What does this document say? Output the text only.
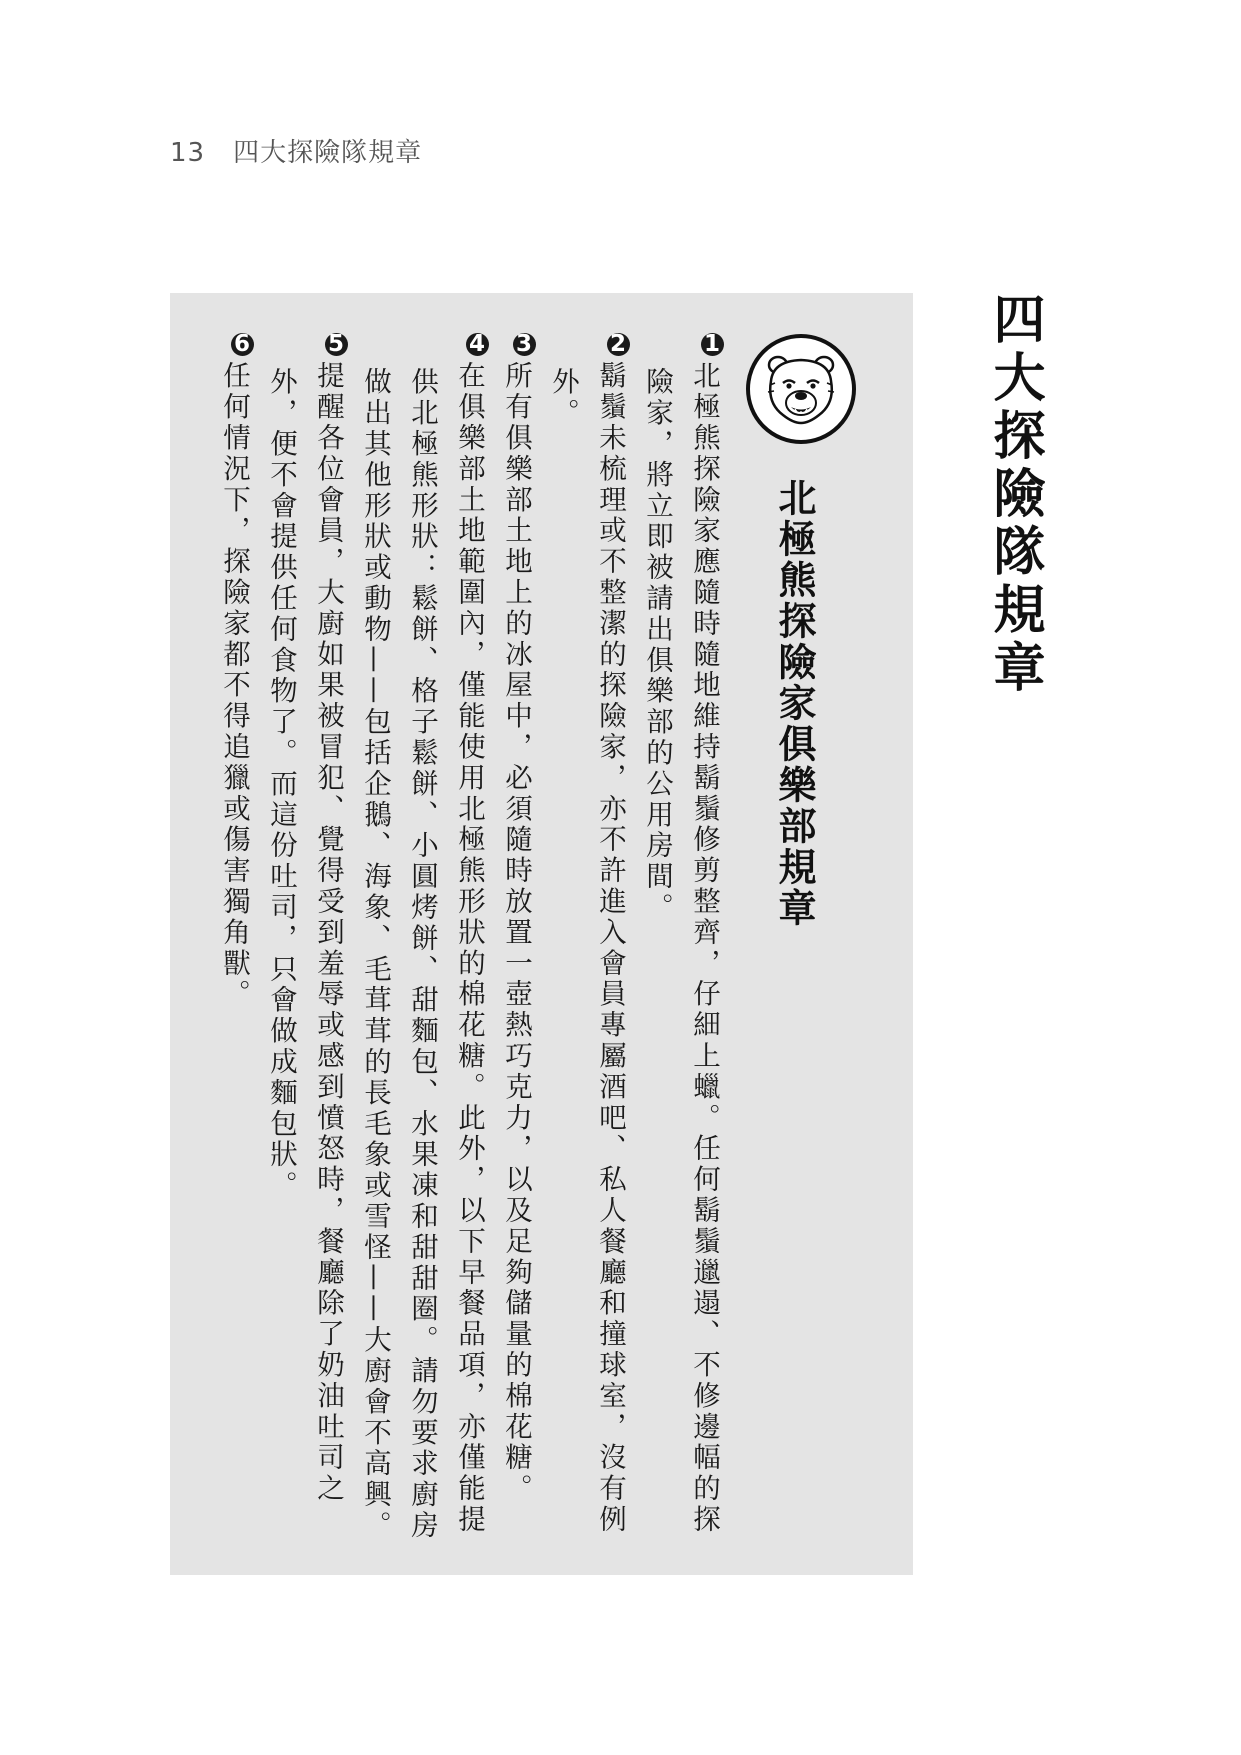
13 四大探險隊規章
四大探險隊規章
北極熊探險家俱樂部規章

1北極熊探險家應隨時隨地維持鬍鬚修剪整齊，仔細上蠟。任何鬍鬚邋遢、不修邊幅的探險家，將立即被請出俱樂部的公用房間。

2鬍鬚未梳理或不整潔的探險家，亦不許進入會員專屬酒吧、私人餐廳和撞球室，沒有例外。

3所有俱樂部土地上的冰屋中，必須隨時放置一壺熱巧克力，以及足夠儲量的棉花糖。

4在俱樂部土地範圍內，僅能使用北極熊形狀的棉花糖。此外，以下早餐品項，亦僅能提供北極熊形狀：鬆餅、格子鬆餅、小圓烤餅、甜麵包、水果凍和甜甜圈。請勿要求廚房做出其他形狀或動物——包括企鵝、海象、毛茸茸的長毛象或雪怪——大廚會不高興。

5提醒各位會員，大廚如果被冒犯、覺得受到羞辱或感到憤怒時，餐廳除了奶油吐司之外，便不會提供任何食物了。而這份吐司，只會做成麵包狀。

6任何情況下，探險家都不得追獵或傷害獨角獸。
